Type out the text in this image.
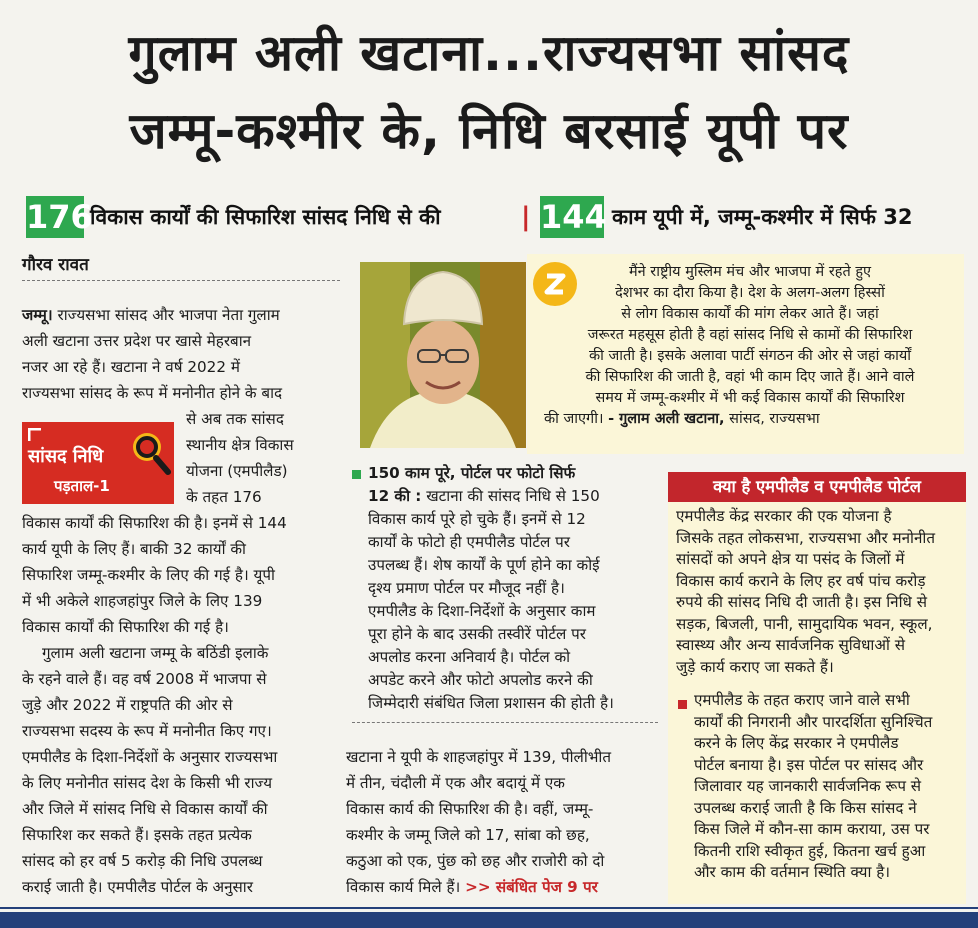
गुलाम अली खटाना...राज्यसभा सांसद
जम्मू-कश्मीर के, निधि बरसाई यूपी पर
176
विकास कार्यों की सिफारिश सांसद निधि से की	| 144 काम यूपी में, जम्मू-कश्मीर में सिर्फ 32
गौरव रावत
जम्मू। राज्यसभा सांसद और भाजपा नेता गुलाम
अली खटाना उत्तर प्रदेश पर खासे मेहरबान
नजर आ रहे हैं। खटाना ने वर्ष 2022 में
राज्यसभा सांसद के रूप में मनोनीत होने के बाद
सांसद निधि
पड़ताल-1
से अब तक सांसद
स्थानीय क्षेत्र विकास
योजना (एमपीलैड)
के तहत 176
विकास कार्यों की सिफारिश की है। इनमें से 144
कार्य यूपी के लिए हैं। बाकी 32 कार्यों की
सिफारिश जम्मू-कश्मीर के लिए की गई है। यूपी
में भी अकेले शाहजहांपुर जिले के लिए 139
विकास कार्यों की सिफारिश की गई है।
गुलाम अली खटाना जम्मू के बठिंडी इलाके
के रहने वाले हैं। वह वर्ष 2008 में भाजपा से
जुड़े और 2022 में राष्ट्रपति की ओर से
राज्यसभा सदस्य के रूप में मनोनीत किए गए।
एमपीलैड के दिशा-निर्देशों के अनुसार राज्यसभा
के लिए मनोनीत सांसद देश के किसी भी राज्य
और जिले में सांसद निधि से विकास कार्यों की
सिफारिश कर सकते हैं। इसके तहत प्रत्येक
सांसद को हर वर्ष 5 करोड़ की निधि उपलब्ध
कराई जाती है। एमपीलैड पोर्टल के अनुसार
मैंने राष्ट्रीय मुस्लिम मंच और भाजपा में रहते हुए
देशभर का दौरा किया है। देश के अलग-अलग हिस्सों
से लोग विकास कार्यों की मांग लेकर आते हैं। जहां
जरूरत महसूस होती है वहां सांसद निधि से कामों की सिफारिश
की जाती है। इसके अलावा पार्टी संगठन की ओर से जहां कार्यों
की सिफारिश की जाती है, वहां भी काम दिए जाते हैं। आने वाले
समय में जम्मू-कश्मीर में भी कई विकास कार्यों की सिफारिश
की जाएगी। - गुलाम अली खटाना, सांसद, राज्यसभा
150 काम पूरे, पोर्टल पर फोटो सिर्फ
12 की : खटाना की सांसद निधि से 150
विकास कार्य पूरे हो चुके हैं। इनमें से 12
कार्यों के फोटो ही एमपीलैड पोर्टल पर
उपलब्ध हैं। शेष कार्यों के पूर्ण होने का कोई
दृश्य प्रमाण पोर्टल पर मौजूद नहीं है।
एमपीलैड के दिशा-निर्देशों के अनुसार काम
पूरा होने के बाद उसकी तस्वीरें पोर्टल पर
अपलोड करना अनिवार्य है। पोर्टल को
अपडेट करने और फोटो अपलोड करने की
जिम्मेदारी संबंधित जिला प्रशासन की होती है।
खटाना ने यूपी के शाहजहांपुर में 139, पीलीभीत
में तीन, चंदौली में एक और बदायूं में एक
विकास कार्य की सिफारिश की है। वहीं, जम्मू-
कश्मीर के जम्मू जिले को 17, सांबा को छह,
कठुआ को एक, पुंछ को छह और राजोरी को दो
विकास कार्य मिले हैं। >> संबंधित पेज 9 पर
क्या है एमपीलैड व एमपीलैड पोर्टल
एमपीलैड केंद्र सरकार की एक योजना है
जिसके तहत लोकसभा, राज्यसभा और मनोनीत
सांसदों को अपने क्षेत्र या पसंद के जिलों में
विकास कार्य कराने के लिए हर वर्ष पांच करोड़
रुपये की सांसद निधि दी जाती है। इस निधि से
सड़क, बिजली, पानी, सामुदायिक भवन, स्कूल,
स्वास्थ्य और अन्य सार्वजनिक सुविधाओं से
जुड़े कार्य कराए जा सकते हैं।
एमपीलैड के तहत कराए जाने वाले सभी
कार्यों की निगरानी और पारदर्शिता सुनिश्चित
करने के लिए केंद्र सरकार ने एमपीलैड
पोर्टल बनाया है। इस पोर्टल पर सांसद और
जिलावार यह जानकारी सार्वजनिक रूप से
उपलब्ध कराई जाती है कि किस सांसद ने
किस जिले में कौन-सा काम कराया, उस पर
कितनी राशि स्वीकृत हुई, कितना खर्च हुआ
और काम की वर्तमान स्थिति क्या है।
